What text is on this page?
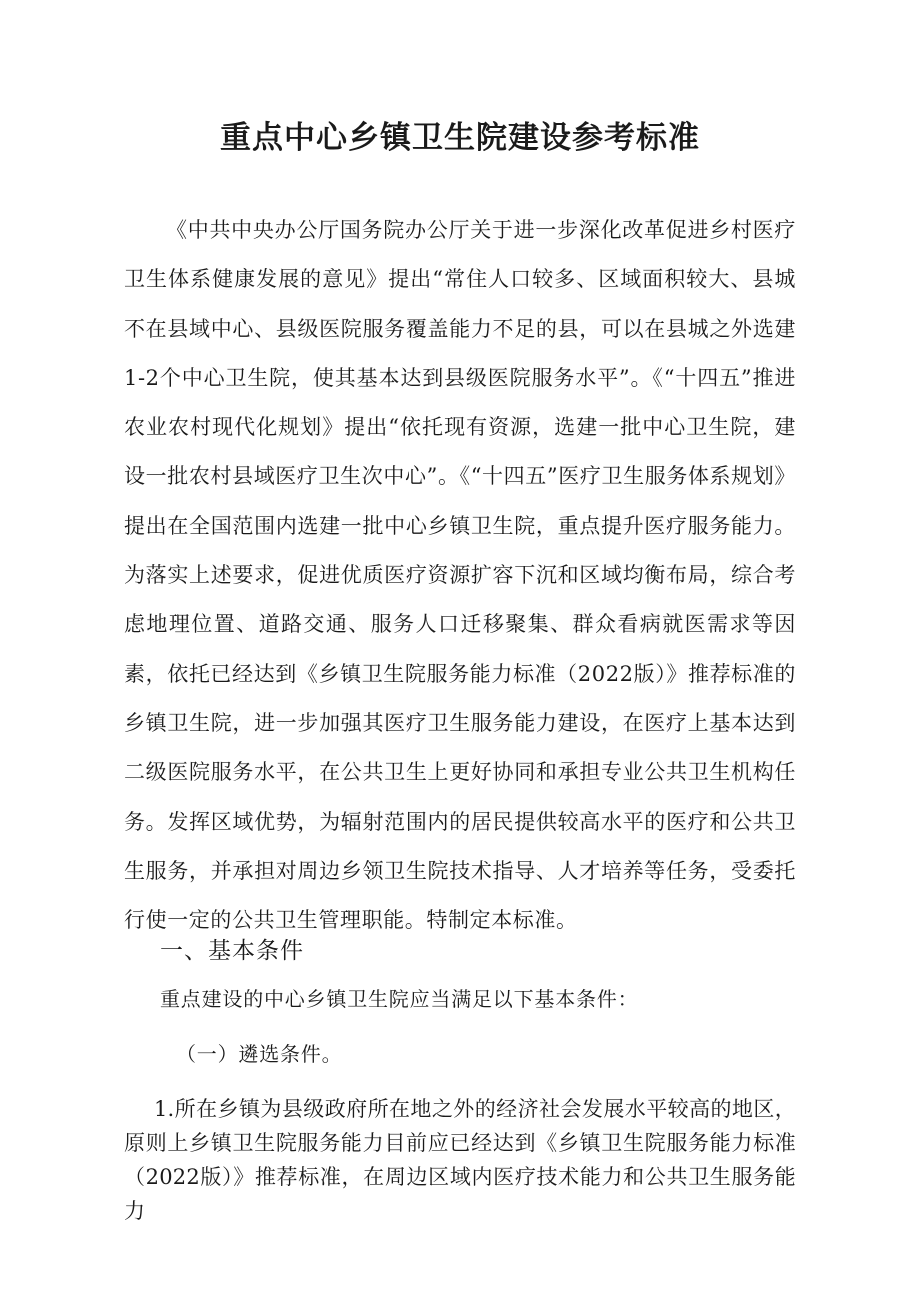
重点中心乡镇卫生院建设参考标准

《中共中央办公厅国务院办公厅关于进一步深化改革促进乡村医疗卫生体系健康发展的意见》提出“常住人口较多、区域面积较大、县城不在县域中心、县级医院服务覆盖能力不足的县，可以在县城之外选建1-2个中心卫生院，使其基本达到县级医院服务水平”。《“十四五”推进农业农村现代化规划》提出“依托现有资源，选建一批中心卫生院，建设一批农村县域医疗卫生次中心”。《“十四五”医疗卫生服务体系规划》提出在全国范围内选建一批中心乡镇卫生院，重点提升医疗服务能力。为落实上述要求，促进优质医疗资源扩容下沉和区域均衡布局，综合考虑地理位置、道路交通、服务人口迁移聚集、群众看病就医需求等因素，依托已经达到《乡镇卫生院服务能力标准（2022版）》推荐标准的乡镇卫生院，进一步加强其医疗卫生服务能力建设，在医疗上基本达到二级医院服务水平，在公共卫生上更好协同和承担专业公共卫生机构任务。发挥区域优势，为辐射范围内的居民提供较高水平的医疗和公共卫生服务，并承担对周边乡领卫生院技术指导、人才培养等任务，受委托行使一定的公共卫生管理职能。特制定本标准。

一、基本条件

重点建设的中心乡镇卫生院应当满足以下基本条件：

（一）遴选条件。

1.所在乡镇为县级政府所在地之外的经济社会发展水平较高的地区，原则上乡镇卫生院服务能力目前应已经达到《乡镇卫生院服务能力标准（2022版）》推荐标准，在周边区域内医疗技术能力和公共卫生服务能力
